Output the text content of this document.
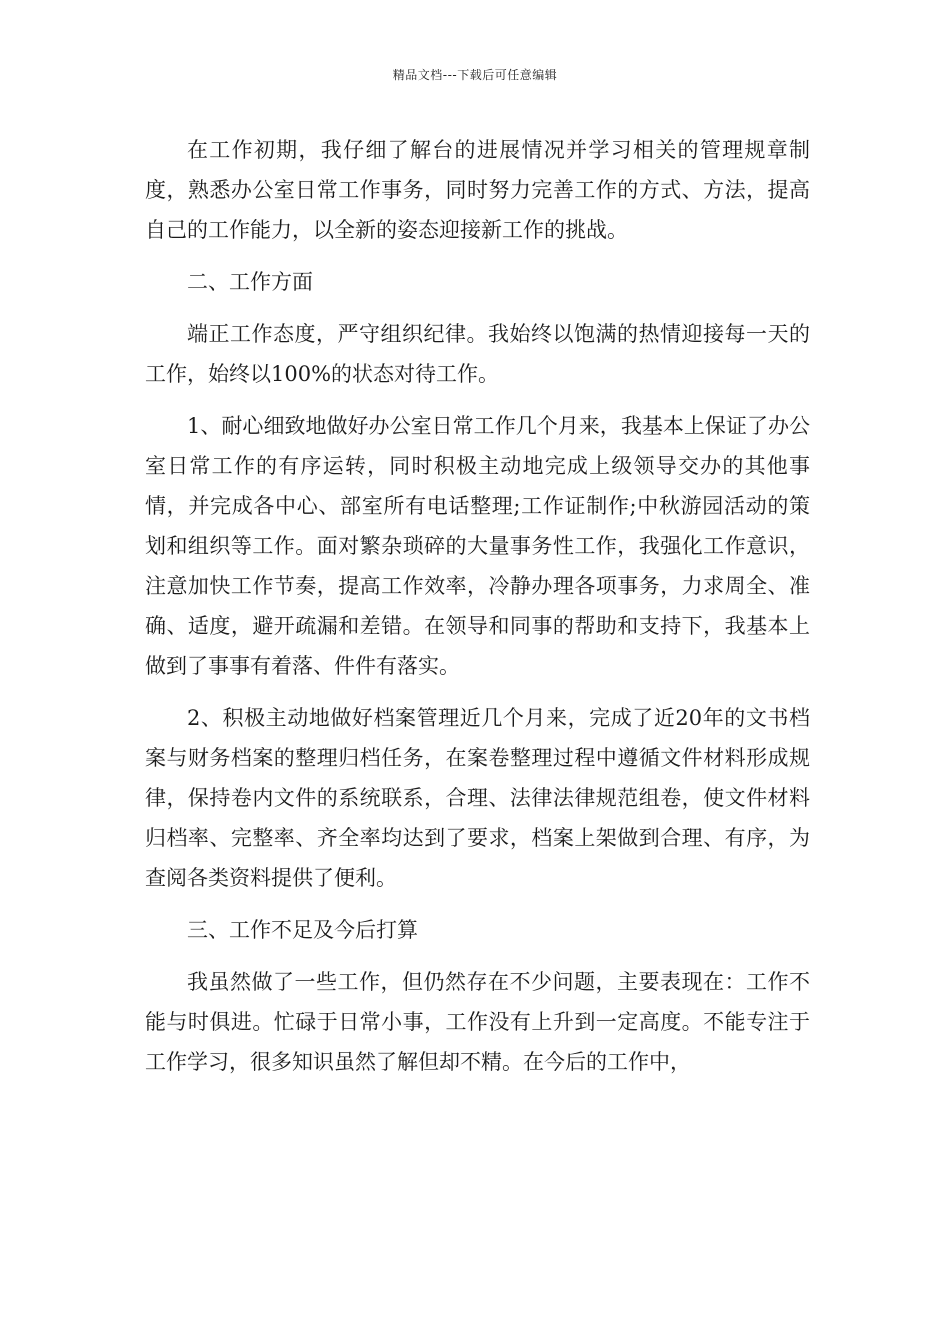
精品文档---下载后可任意编辑

在工作初期，我仔细了解台的进展情况并学习相关的管理规章制度，熟悉办公室日常工作事务，同时努力完善工作的方式、方法，提高自己的工作能力，以全新的姿态迎接新工作的挑战。

二、工作方面

端正工作态度，严守组织纪律。我始终以饱满的热情迎接每一天的工作，始终以100%的状态对待工作。

1、耐心细致地做好办公室日常工作几个月来，我基本上保证了办公室日常工作的有序运转，同时积极主动地完成上级领导交办的其他事情，并完成各中心、部室所有电话整理;工作证制作;中秋游园活动的策划和组织等工作。面对繁杂琐碎的大量事务性工作，我强化工作意识，注意加快工作节奏，提高工作效率，冷静办理各项事务，力求周全、准确、适度，避开疏漏和差错。在领导和同事的帮助和支持下，我基本上做到了事事有着落、件件有落实。

2、积极主动地做好档案管理近几个月来，完成了近20年的文书档案与财务档案的整理归档任务，在案卷整理过程中遵循文件材料形成规律，保持卷内文件的系统联系，合理、法律法律规范组卷，使文件材料归档率、完整率、齐全率均达到了要求，档案上架做到合理、有序，为查阅各类资料提供了便利。

三、工作不足及今后打算

我虽然做了一些工作，但仍然存在不少问题，主要表现在：工作不能与时俱进。忙碌于日常小事，工作没有上升到一定高度。不能专注于工作学习，很多知识虽然了解但却不精。在今后的工作中，
